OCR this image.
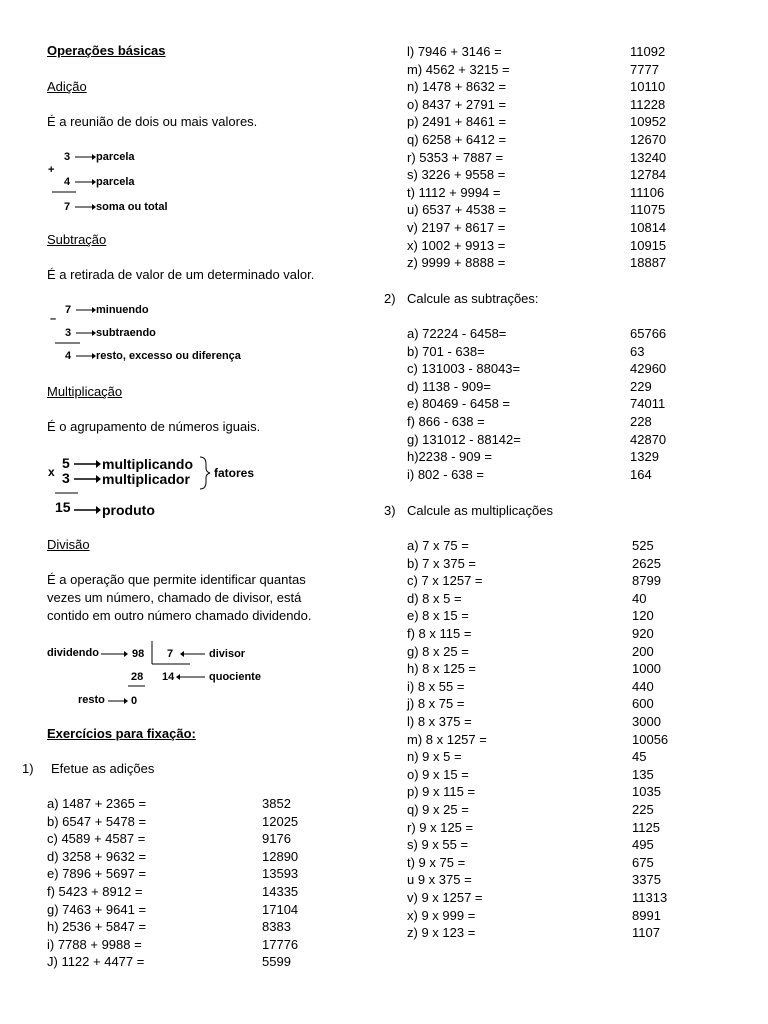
Operações básicas
Adição
É a reunião de dois ou mais valores.
+
3 parcela
4 parcela
7 soma ou total
Subtração
É a retirada de valor de um determinado valor.
–
7 minuendo
3 subtraendo
4 resto, excesso ou diferença
Multiplicação
É o agrupamento de números iguais.
x
5 multiplicando
3 multiplicador fatores
15 produto
Divisão
É a operação que permite identificar quantas
vezes um número, chamado de divisor, está
contido em outro número chamado dividendo.
dividendo	98 7	divisor
28 14	quociente
resto 0
Exercícios para fixação:
1) Efetue as adições
a) 1487 + 2365 =	3852
b) 6547 + 5478 =	12025
c) 4589 + 4587 =	9176
d) 3258 + 9632 =	12890
e) 7896 + 5697 =	13593
f) 5423 + 8912 =	14335
g) 7463 + 9641 =	17104
h) 2536 + 5847 =	8383
i) 7788 + 9988 =	17776
J) 1122 + 4477 =	5599
l) 7946 + 3146 =	11092
m) 4562 + 3215 =	7777
n) 1478 + 8632 =	10110
o) 8437 + 2791 =	11228
p) 2491 + 8461 =	10952
q) 6258 + 6412 =	12670
r) 5353 + 7887 =	13240
s) 3226 + 9558 =	12784
t) 1112 + 9994 =	11106
u) 6537 + 4538 =	11075
v) 2197 + 8617 =	10814
x) 1002 + 9913 =	10915
z) 9999 + 8888 =	18887
2) Calcule as subtrações:
a) 72224 - 6458=	65766
b) 701 - 638=	63
c) 131003 - 88043=	42960
d) 1138 - 909=	229
e) 80469 - 6458 =	74011
f) 866 - 638 =	228
g) 131012 - 88142=	42870
h)2238 - 909 =	1329
i) 802 - 638 =	164
3) Calcule as multiplicações
a) 7 x 75 =	525
b) 7 x 375 =	2625
c) 7 x 1257 =	8799
d) 8 x 5 =	40
e) 8 x 15 =	120
f) 8 x 115 =	920
g) 8 x 25 =	200
h) 8 x 125 =	1000
i) 8 x 55 =	440
j) 8 x 75 =	600
l) 8 x 375 =	3000
m) 8 x 1257 =	10056
n) 9 x 5 =	45
o) 9 x 15 =	135
p) 9 x 115 =	1035
q) 9 x 25 =	225
r) 9 x 125 =	1125
s) 9 x 55 =	495
t) 9 x 75 =	675
u 9 x 375 =	3375
v) 9 x 1257 =	11313
x) 9 x 999 =	8991
z) 9 x 123 =	1107
